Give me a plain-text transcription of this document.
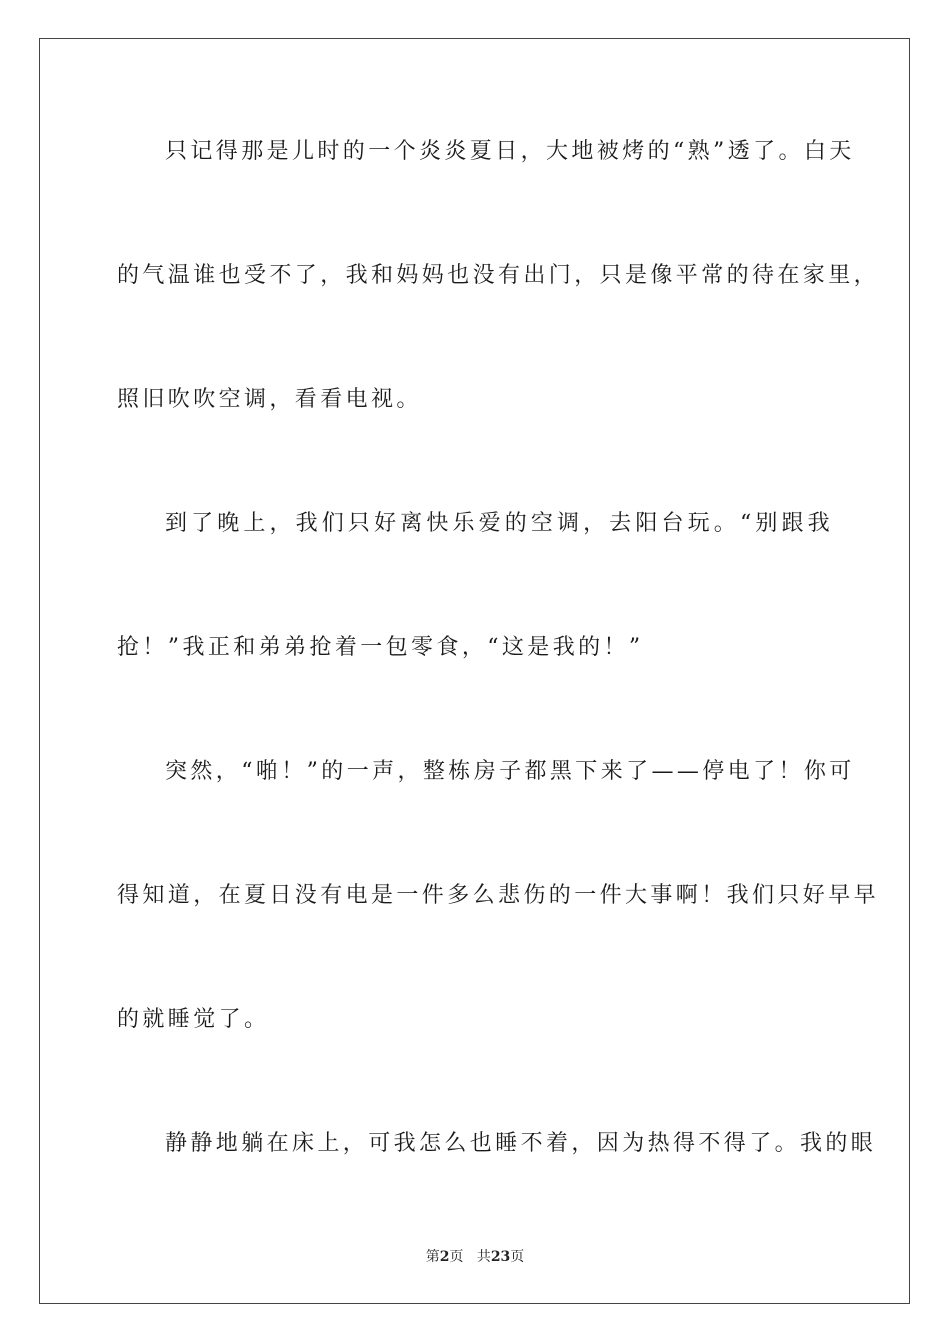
只记得那是儿时的一个炎炎夏日，大地被烤的“熟”透了。白天
的气温谁也受不了，我和妈妈也没有出门，只是像平常的待在家里，
照旧吹吹空调，看看电视。
到了晚上，我们只好离快乐爱的空调，去阳台玩。“别跟我
抢！”我正和弟弟抢着一包零食，“这是我的！”
突然，“啪！”的一声，整栋房子都黑下来了——停电了！你可
得知道，在夏日没有电是一件多么悲伤的一件大事啊！我们只好早早
的就睡觉了。
静静地躺在床上，可我怎么也睡不着，因为热得不得了。我的眼
第2页 共23页
